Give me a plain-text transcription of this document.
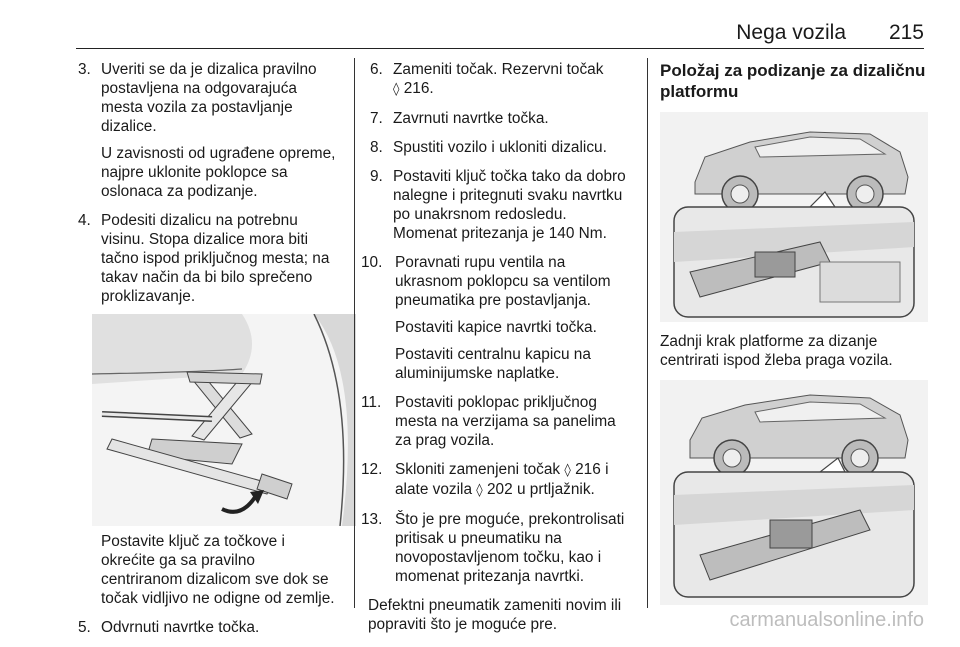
Nega vozila 215
3. Uveriti se da je dizalica pravilno postavljena na odgovarajuća mesta vozila za postavljanje dizalice.
U zavisnosti od ugrađene opreme, najpre uklonite poklopce sa oslonaca za podizanje.
4. Podesiti dizalicu na potrebnu visinu. Stopa dizalice mora biti tačno ispod priključnog mesta; na takav način da bi bilo sprečeno proklizavanje.
Postavite ključ za točkove i okrećite ga sa pravilno centriranom dizalicom sve dok se točak vidljivo ne odigne od zemlje.
5. Odvrnuti navrtke točka.
6. Zameniti točak. Rezervni točak
◊ 216.
7. Zavrnuti navrtke točka.
8. Spustiti vozilo i ukloniti dizalicu.
9. Postaviti ključ točka tako da dobro nalegne i pritegnuti svaku navrtku po unakrsnom redosledu. Momenat pritezanja je 140 Nm.
10. Poravnati rupu ventila na ukrasnom poklopcu sa ventilom pneumatika pre postavljanja.
Postaviti kapice navrtki točka.
Postaviti centralnu kapicu na aluminijumske naplatke.
11. Postaviti poklopac priključnog mesta na verzijama sa panelima za prag vozila.
12. Skloniti zamenjeni točak ◊ 216 i alate vozila ◊ 202 u prtljažnik.
13. Što je pre moguće, prekontrolisati pritisak u pneumatiku na novopostavljenom točku, kao i momenat pritezanja navrtki.
Defektni pneumatik zameniti novim ili popraviti što je moguće pre.
Položaj za podizanje za dizaličnu platformu
Zadnji krak platforme za dizanje centrirati ispod žleba praga vozila.
carmanualsonline.info
